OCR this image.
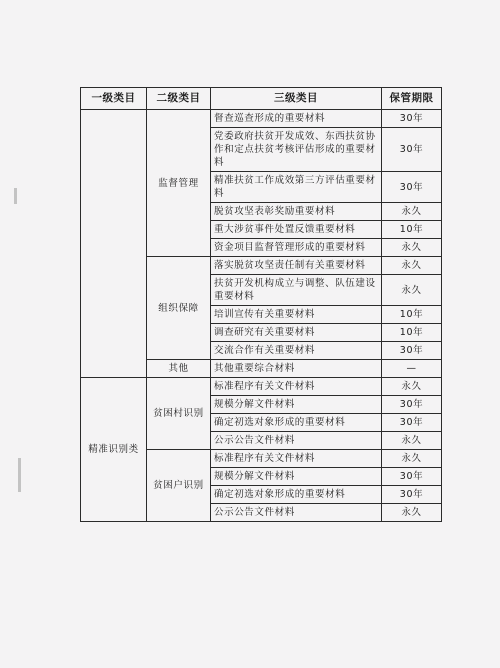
一级类目	二级类目	三级类目	保管期限
	监督管理	督查巡查形成的重要材料	30年
		党委政府扶贫开发成效、东西扶贫协作和定点扶贫考核评估形成的重要材料	30年
		精准扶贫工作成效第三方评估重要材料	30年
		脱贫攻坚表彰奖励重要材料	永久
		重大涉贫事件处置反馈重要材料	10年
		资金项目监督管理形成的重要材料	永久
	组织保障	落实脱贫攻坚责任制有关重要材料	永久
		扶贫开发机构成立与调整、队伍建设重要材料	永久
		培训宣传有关重要材料	10年
		调查研究有关重要材料	10年
		交流合作有关重要材料	30年
	其他	其他重要综合材料	—
精准识别类	贫困村识别	标准程序有关文件材料	永久
		规模分解文件材料	30年
		确定初选对象形成的重要材料	30年
		公示公告文件材料	永久
	贫困户识别	标准程序有关文件材料	永久
		规模分解文件材料	30年
		确定初选对象形成的重要材料	30年
		公示公告文件材料	永久
